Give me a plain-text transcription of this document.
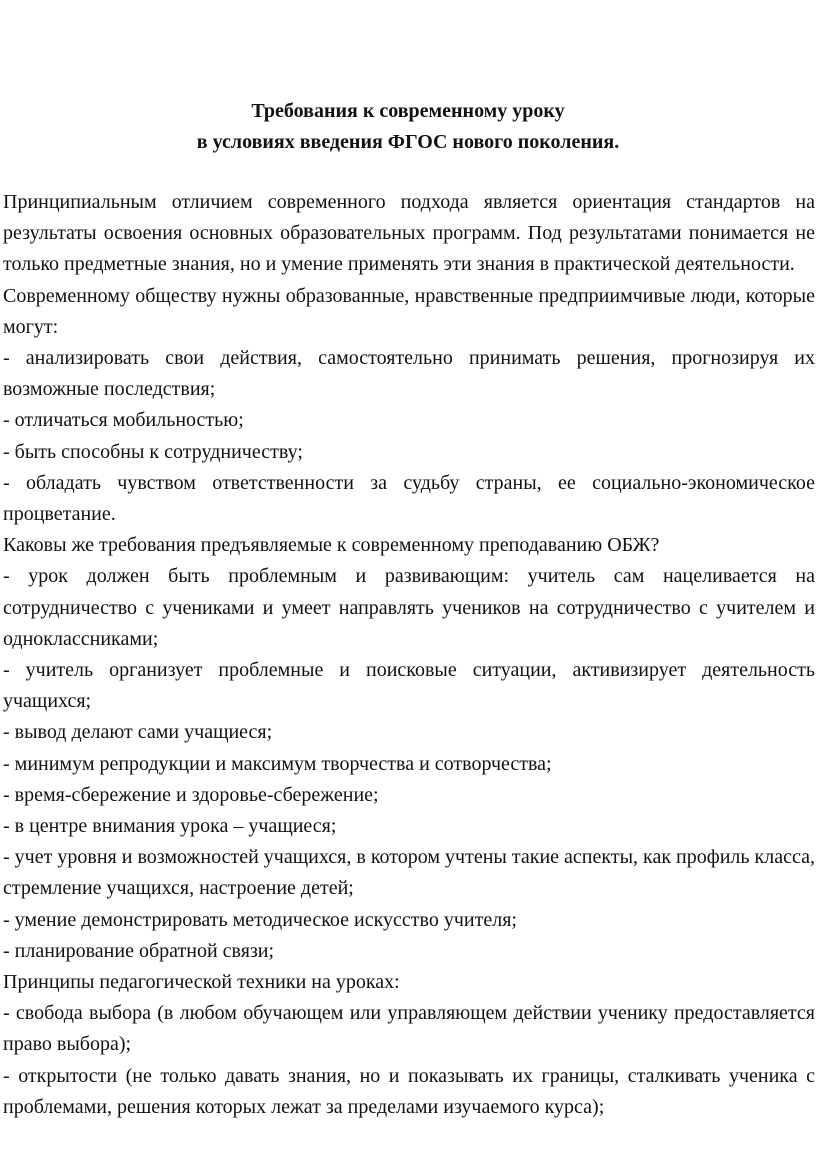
Требования к современному уроку
в условиях введения ФГОС нового поколения.

Принципиальным отличием современного подхода является ориентация стандартов на результаты освоения основных образовательных программ. Под результатами понимается не только предметные знания, но и умение применять эти знания в практической деятельности.

Современному обществу нужны образованные, нравственные предприимчивые люди, которые могут:

- анализировать свои действия, самостоятельно принимать решения, прогнозируя их возможные последствия;

- отличаться мобильностью;

- быть способны к сотрудничеству;

- обладать чувством ответственности за судьбу страны, ее социально-экономическое процветание.

Каковы же требования предъявляемые к современному преподаванию ОБЖ?

- урок должен быть проблемным и развивающим: учитель сам нацеливается на сотрудничество с учениками и умеет направлять учеников на сотрудничество с учителем и одноклассниками;

- учитель организует проблемные и поисковые ситуации, активизирует деятельность учащихся;

- вывод делают сами учащиеся;

- минимум репродукции и максимум творчества и сотворчества;

- время-сбережение и здоровье-сбережение;

- в центре внимания урока – учащиеся;

- учет уровня и возможностей учащихся, в котором учтены такие аспекты, как профиль класса, стремление учащихся, настроение детей;

- умение демонстрировать методическое искусство учителя;

- планирование обратной связи;

Принципы педагогической техники на уроках:

- свобода выбора (в любом обучающем или управляющем действии ученику предоставляется право выбора);

- открытости (не только давать знания, но и показывать их границы, сталкивать ученика с проблемами, решения которых лежат за пределами изучаемого курса);
